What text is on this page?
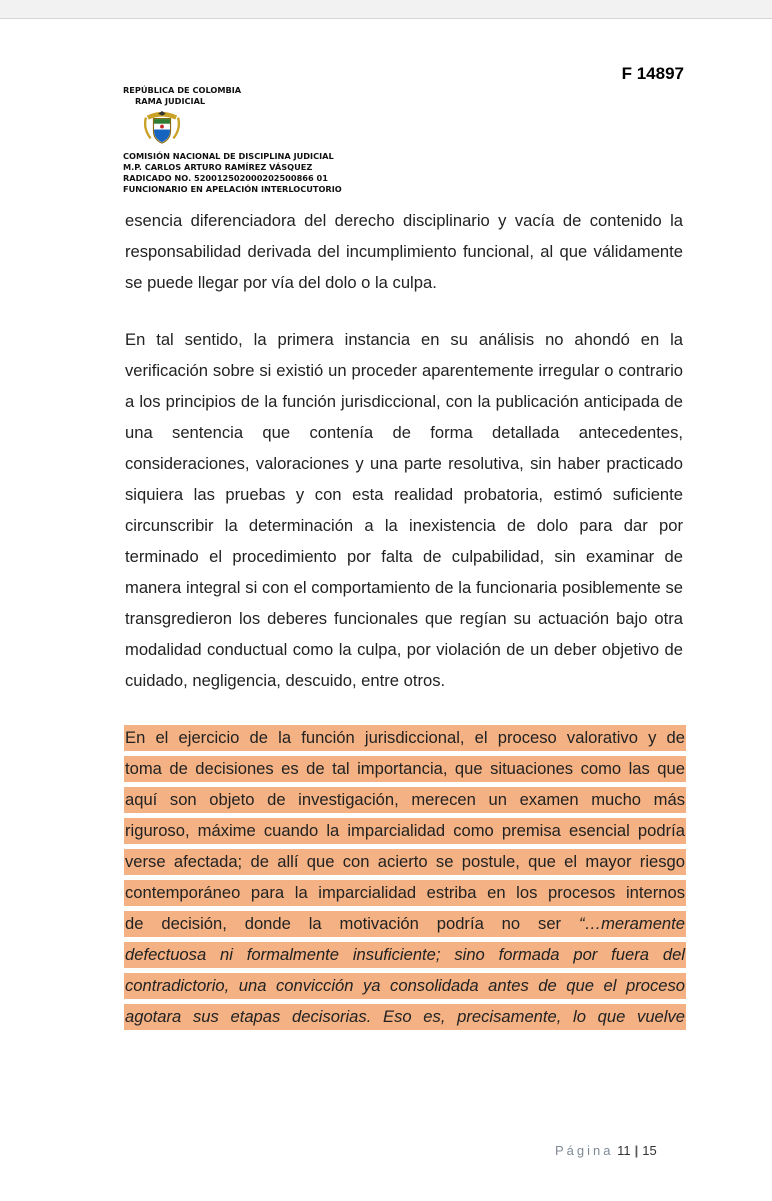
F 14897
REPÚBLICA DE COLOMBIA
RAMA JUDICIAL
COMISIÓN NACIONAL DE DISCIPLINA JUDICIAL
M.P. CARLOS ARTURO RAMÍREZ VÁSQUEZ
RADICADO NO. 520012502000202500866 01
FUNCIONARIO EN APELACIÓN INTERLOCUTORIO

esencia diferenciadora del derecho disciplinario y vacía de contenido la responsabilidad derivada del incumplimiento funcional, al que válidamente se puede llegar por vía del dolo o la culpa.

En tal sentido, la primera instancia en su análisis no ahondó en la verificación sobre si existió un proceder aparentemente irregular o contrario a los principios de la función jurisdiccional, con la publicación anticipada de una sentencia que contenía de forma detallada antecedentes, consideraciones, valoraciones y una parte resolutiva, sin haber practicado siquiera las pruebas y con esta realidad probatoria, estimó suficiente circunscribir la determinación a la inexistencia de dolo para dar por terminado el procedimiento por falta de culpabilidad, sin examinar de manera integral si con el comportamiento de la funcionaria posiblemente se transgredieron los deberes funcionales que regían su actuación bajo otra modalidad conductual como la culpa, por violación de un deber objetivo de cuidado, negligencia, descuido, entre otros.

En el ejercicio de la función jurisdiccional, el proceso valorativo y de
toma de decisiones es de tal importancia, que situaciones como las que
aquí son objeto de investigación, merecen un examen mucho más
riguroso, máxime cuando la imparcialidad como premisa esencial podría
verse afectada; de allí que con acierto se postule, que el mayor riesgo
contemporáneo para la imparcialidad estriba en los procesos internos
de decisión, donde la motivación podría no ser “…meramente
defectuosa ni formalmente insuficiente; sino formada por fuera del
contradictorio, una convicción ya consolidada antes de que el proceso
agotara sus etapas decisorias. Eso es, precisamente, lo que vuelve
Página 11 | 15
